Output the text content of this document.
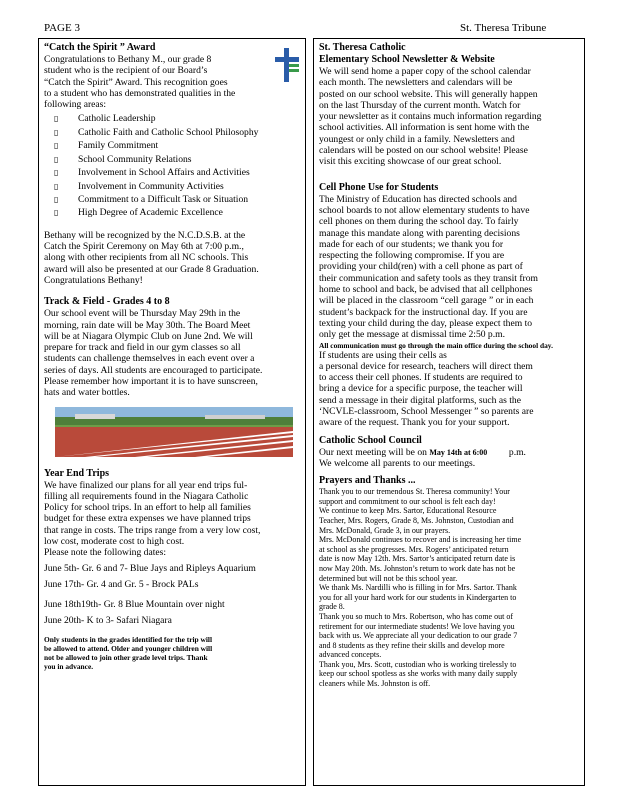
PAGE 3	St. Theresa Tribune
“Catch the Spirit ” Award

Congratulations to Bethany M., our grade 8

student who is the recipient of our Board’s

“Catch the Spirit” Award. This recognition goes

to a student who has demonstrated qualities in the

following areas:

▯ Catholic Leadership
▯ Catholic Faith and Catholic School Philosophy
▯ Family Commitment
▯ School Community Relations
▯ Involvement in School Affairs and Activities
▯ Involvement in Community Activities
▯ Commitment to a Difficult Task or Situation
▯ High Degree of Academic Excellence

Bethany will be recognized by the N.C.D.S.B. at the

Catch the Spirit Ceremony on May 6th at 7:00 p.m.,

along with other recipients from all NC schools. This

award will also be presented at our Grade 8 Graduation.

Congratulations Bethany!

Track & Field - Grades 4 to 8

Our school event will be Thursday May 29th in the

morning, rain date will be May 30th. The Board Meet

will be at Niagara Olympic Club on June 2nd. We will

prepare for track and field in our gym classes so all

students can challenge themselves in each event over a

series of days. All students are encouraged to participate.

Please remember how important it is to have sunscreen,

hats and water bottles.

Year End Trips

We have finalized our plans for all year end trips ful-

filling all requirements found in the Niagara Catholic

Policy for school trips. In an effort to help all families

budget for these extra expenses we have planned trips

that range in costs. The trips range from a very low cost,

low cost, moderate cost to high cost.

Please note the following dates:

June 5th- Gr. 6 and 7- Blue Jays and Ripleys Aquarium

June 17th- Gr. 4 and Gr. 5 - Brock PALs

June 18th19th- Gr. 8 Blue Mountain over night

June 20th- K to 3- Safari Niagara

Only students in the grades identified for the trip will

be allowed to attend. Older and younger children will

not be allowed to join other grade level trips. Thank

you in advance.

St. Theresa Catholic
Elementary School Newsletter & Website

We will send home a paper copy of the school calendar

each month. The newsletters and calendars will be

posted on our school website. This will generally happen

on the last Thursday of the current month. Watch for

your newsletter as it contains much information regarding

school activities. All information is sent home with the

youngest or only child in a family. Newsletters and

calendars will be posted on our school website! Please

visit this exciting showcase of our great school.

Cell Phone Use for Students

The Ministry of Education has directed schools and

school boards to not allow elementary students to have

cell phones on them during the school day. To fairly

manage this mandate along with parenting decisions

made for each of our students; we thank you for

respecting the following compromise. If you are

providing your child(ren) with a cell phone as part of

their communication and safety tools as they transit from

home to school and back, be advised that all cellphones

will be placed in the classroom “cell garage ” or in each

student’s backpack for the instructional day. If you are

texting your child during the day, please expect them to

only get the message at dismissal time 2:50 p.m.

All communication must go through the main office during the school day.

If students are using their cells as

a personal device for research, teachers will direct them

to access their cell phones. If students are required to

bring a device for a specific purpose, the teacher will

send a message in their digital platforms, such as the

‘NCVLE-classroom, School Messenger ” so parents are

aware of the request. Thank you for your support.

Catholic School Council

Our next meeting will be on May 14th at 6:00         p.m.

We welcome all parents to our meetings.

Prayers and Thanks ...

Thank you to our tremendous St. Theresa community! Your

support and commitment to our school is felt each day!

We continue to keep Mrs. Sartor, Educational Resource

Teacher, Mrs. Rogers, Grade 8, Ms. Johnston, Custodian and

Mrs. McDonald, Grade 3, in our prayers.

Mrs. McDonald continues to recover and is increasing her time

at school as she progresses. Mrs. Rogers’ anticipated return

date is now May 12th. Mrs. Sartor’s anticipated return date is

now May 20th. Ms. Johnston’s return to work date has not be

determined but will not be this school year.

We thank Ms. Nardilli who is filling in for Mrs. Sartor. Thank

you for all your hard work for our students in Kindergarten to

grade 8.

Thank you so much to Mrs. Robertson, who has come out of

retirement for our intermediate students! We love having you

back with us. We appreciate all your dedication to our grade 7

and 8 students as they refine their skills and develop more

advanced concepts.

Thank you, Mrs. Scott, custodian who is working tirelessly to

keep our school spotless as she works with many daily supply

cleaners while Ms. Johnston is off.
